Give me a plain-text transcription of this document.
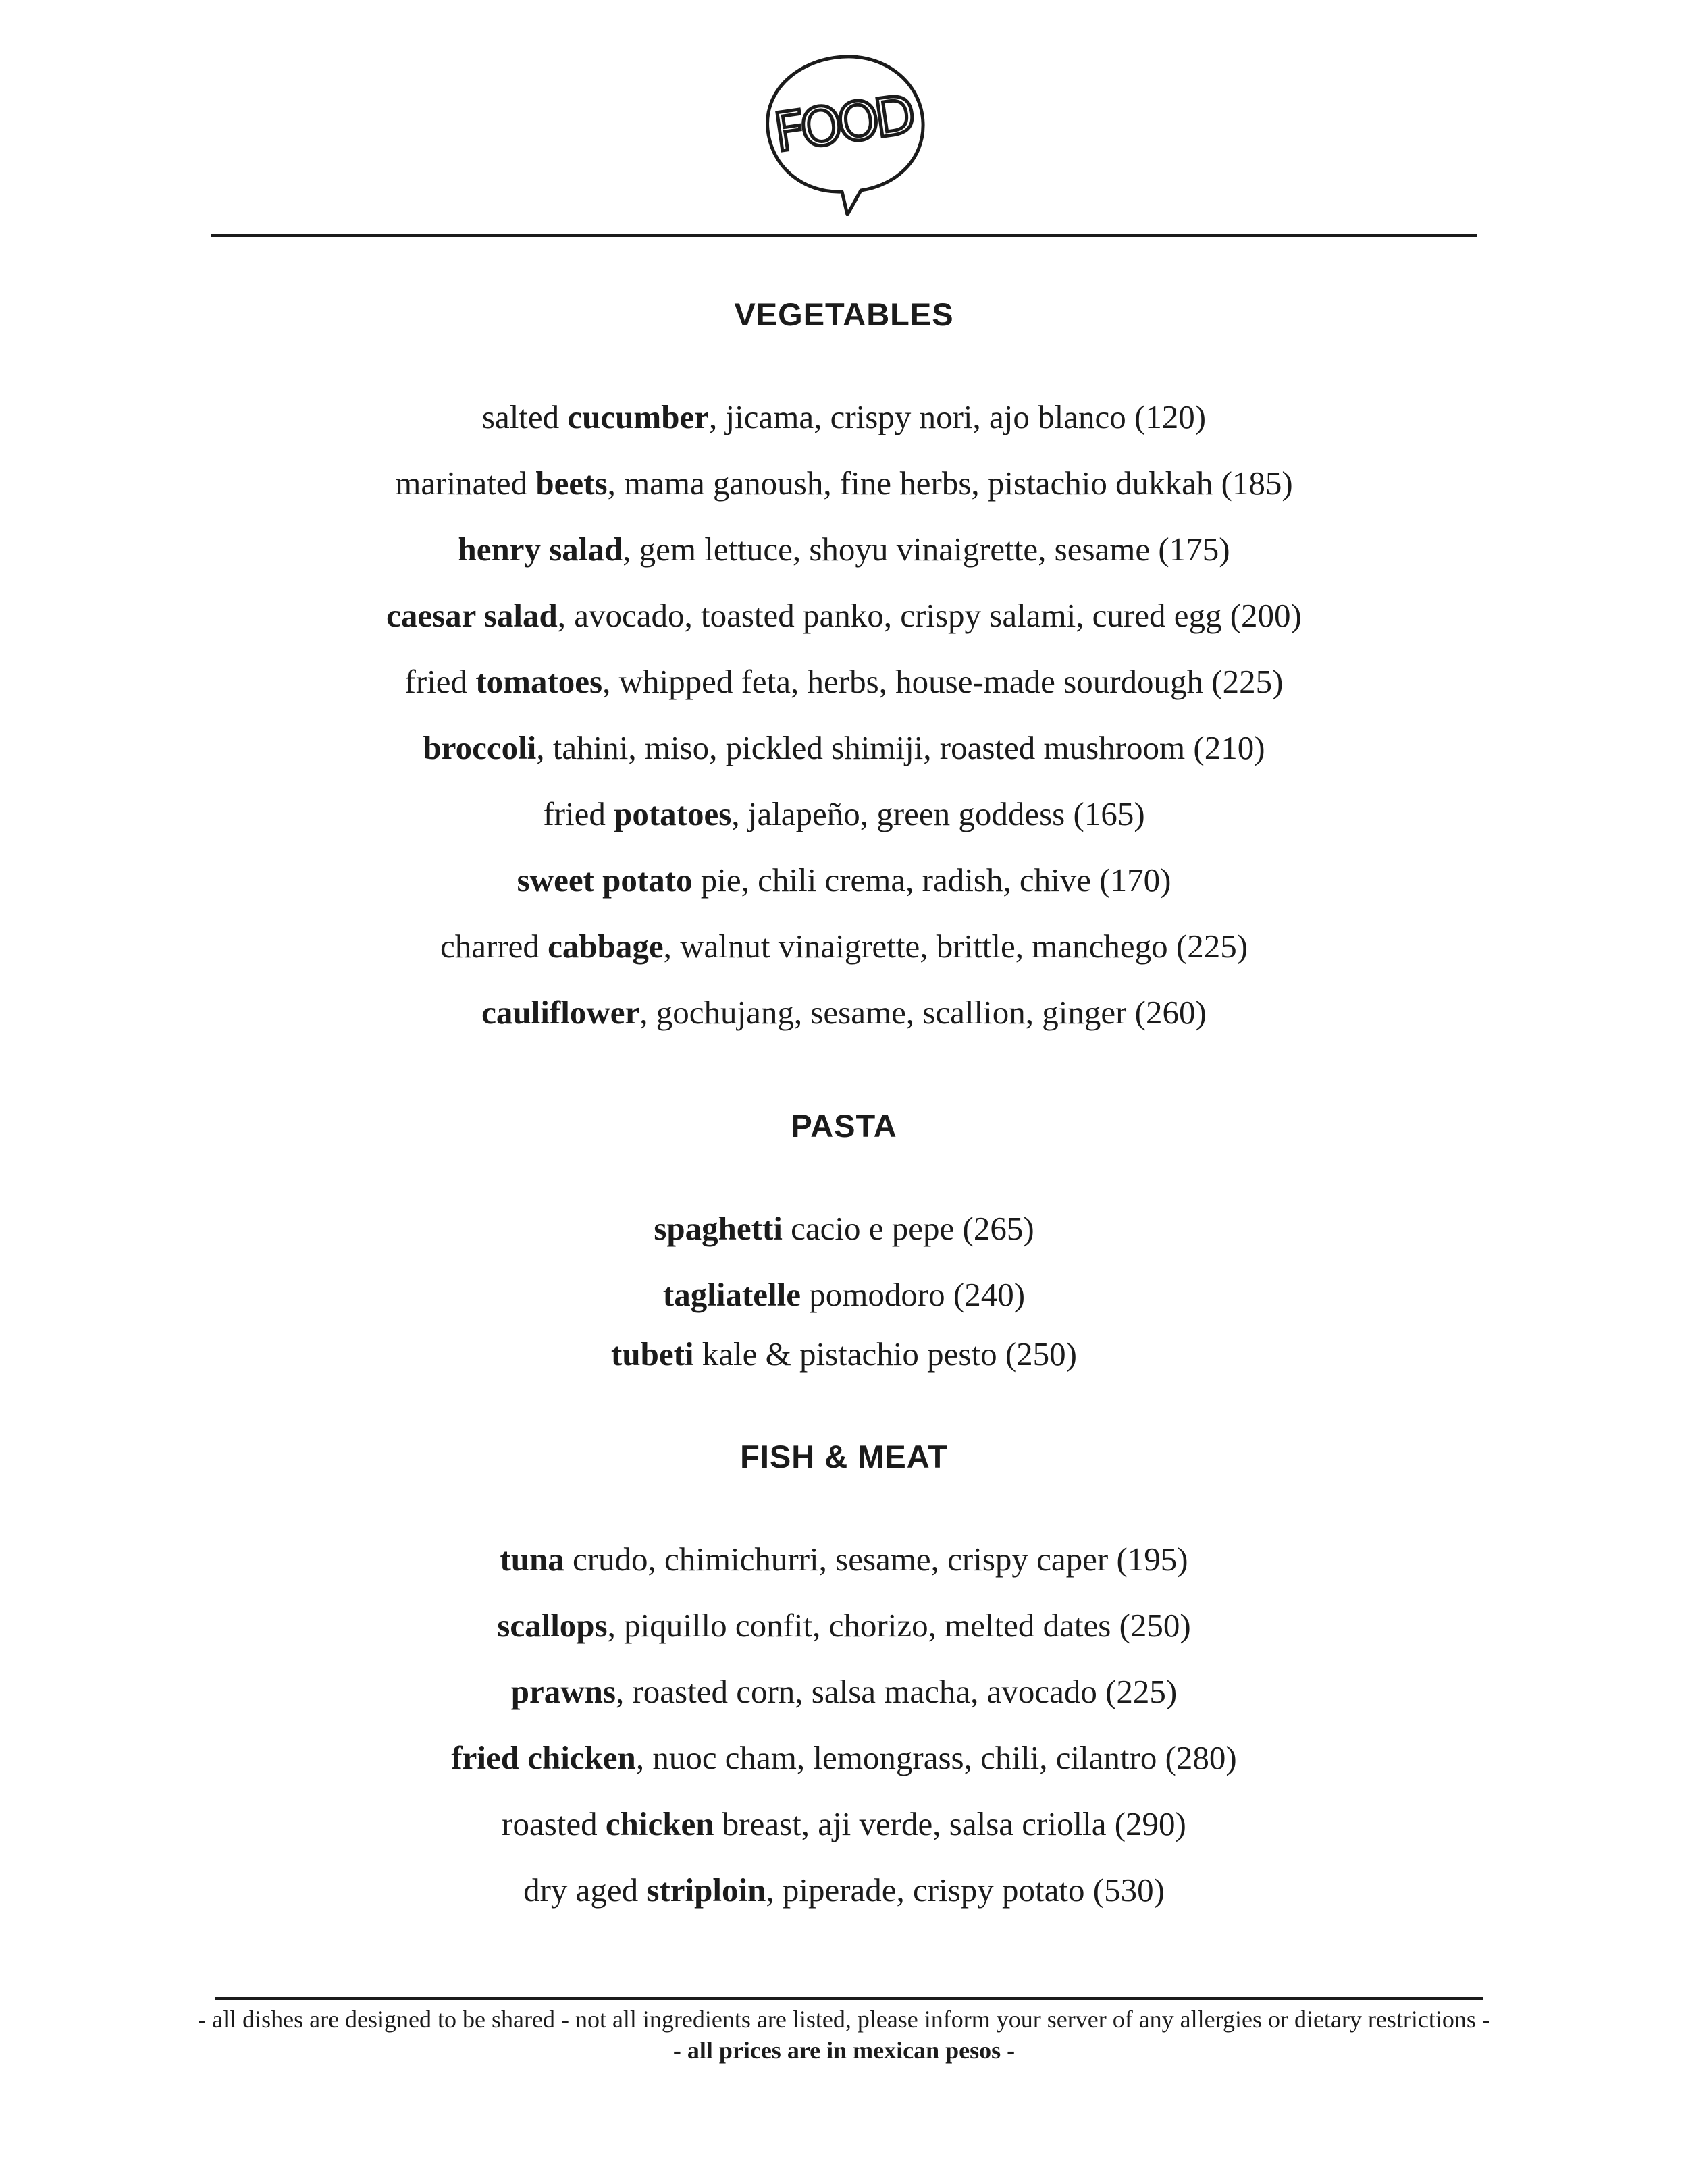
FOOD
VEGETABLES
salted cucumber, jicama, crispy nori, ajo blanco (120)
marinated beets, mama ganoush, fine herbs, pistachio dukkah (185)
henry salad, gem lettuce, shoyu vinaigrette, sesame (175)
caesar salad, avocado, toasted panko, crispy salami, cured egg (200)
fried tomatoes, whipped feta, herbs, house-made sourdough (225)
broccoli, tahini, miso, pickled shimiji, roasted mushroom (210)
fried potatoes, jalapeño, green goddess (165)
sweet potato pie, chili crema, radish, chive (170)
charred cabbage, walnut vinaigrette, brittle, manchego (225)
cauliflower, gochujang, sesame, scallion, ginger (260)
PASTA
spaghetti cacio e pepe (265)
tagliatelle pomodoro (240)
tubeti kale & pistachio pesto (250)
FISH & MEAT
tuna crudo, chimichurri, sesame, crispy caper (195)
scallops, piquillo confit, chorizo, melted dates (250)
prawns, roasted corn, salsa macha, avocado (225)
fried chicken, nuoc cham, lemongrass, chili, cilantro (280)
roasted chicken breast, aji verde, salsa criolla (290)
dry aged striploin, piperade, crispy potato (530)
- all dishes are designed to be shared - not all ingredients are listed, please inform your server of any allergies or dietary restrictions -
- all prices are in mexican pesos -
